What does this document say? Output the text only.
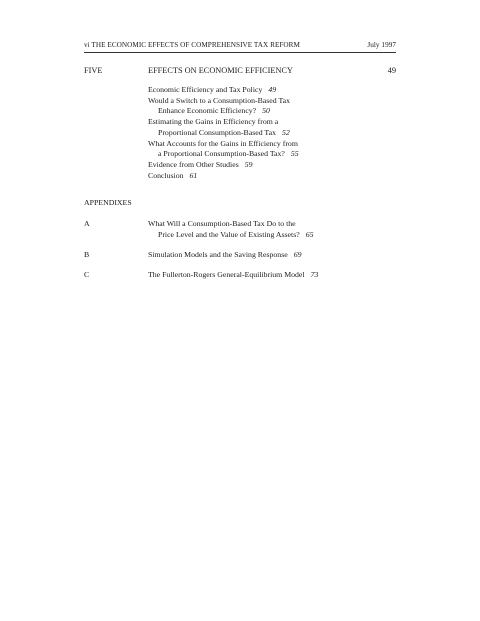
vi THE ECONOMIC EFFECTS OF COMPREHENSIVE TAX REFORM	July 1997
FIVE	EFFECTS ON ECONOMIC EFFICIENCY	49
Economic Efficiency and Tax Policy 49
Would a Switch to a Consumption-Based Tax
Enhance Economic Efficiency? 50
Estimating the Gains in Efficiency from a
Proportional Consumption-Based Tax 52
What Accounts for the Gains in Efficiency from
a Proportional Consumption-Based Tax? 55
Evidence from Other Studies 59
Conclusion 61
APPENDIXES
A	What Will a Consumption-Based Tax Do to the
Price Level and the Value of Existing Assets? 65
B	Simulation Models and the Saving Response 69
C	The Fullerton-Rogers General-Equilibrium Model 73
